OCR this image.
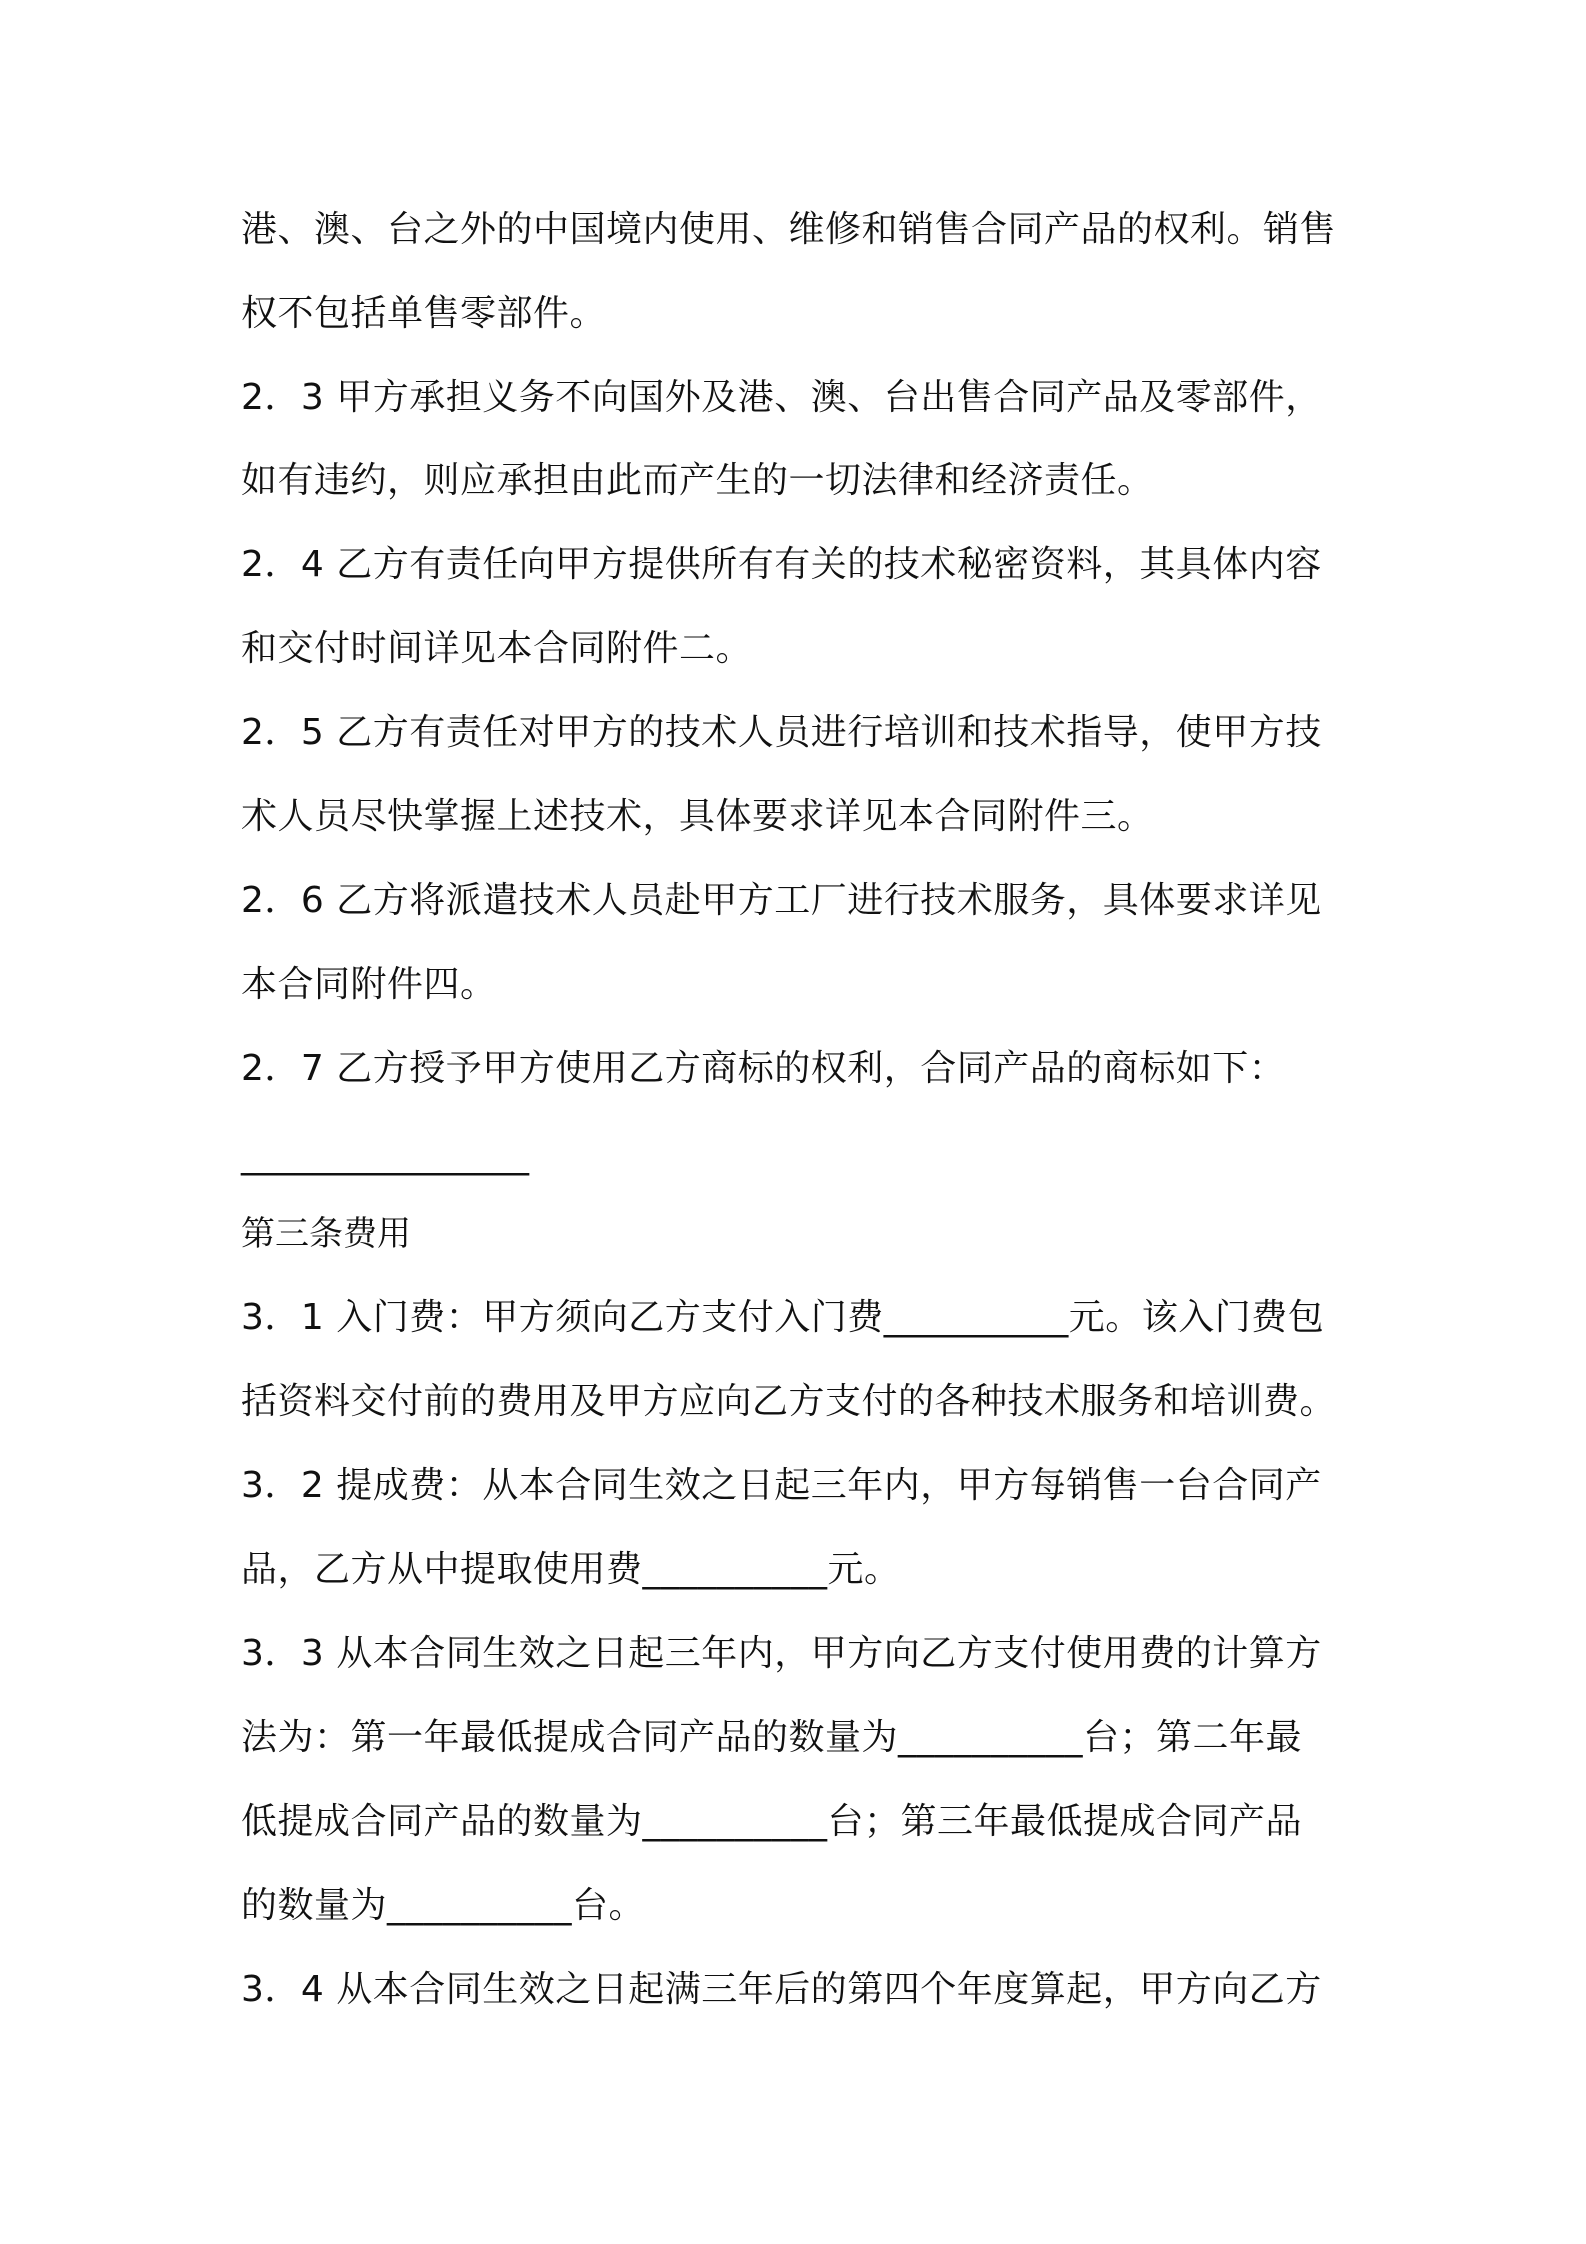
港、澳、台之外的中国境内使用、维修和销售合同产品的权利。销售
权不包括单售零部件。
2．3 甲方承担义务不向国外及港、澳、台出售合同产品及零部件，
如有违约，则应承担由此而产生的一切法律和经济责任。
2．4 乙方有责任向甲方提供所有有关的技术秘密资料，其具体内容
和交付时间详见本合同附件二。
2．5 乙方有责任对甲方的技术人员进行培训和技术指导，使甲方技
术人员尽快掌握上述技术，具体要求详见本合同附件三。
2．6 乙方将派遣技术人员赴甲方工厂进行技术服务，具体要求详见
本合同附件四。
2．7 乙方授予甲方使用乙方商标的权利，合同产品的商标如下：
________________
第三条费用
3．1 入门费：甲方须向乙方支付入门费__________元。该入门费包
括资料交付前的费用及甲方应向乙方支付的各种技术服务和培训费。
3．2 提成费：从本合同生效之日起三年内，甲方每销售一台合同产
品，乙方从中提取使用费__________元。
3．3 从本合同生效之日起三年内，甲方向乙方支付使用费的计算方
法为：第一年最低提成合同产品的数量为__________台；第二年最
低提成合同产品的数量为__________台；第三年最低提成合同产品
的数量为__________台。
3．4 从本合同生效之日起满三年后的第四个年度算起，甲方向乙方
